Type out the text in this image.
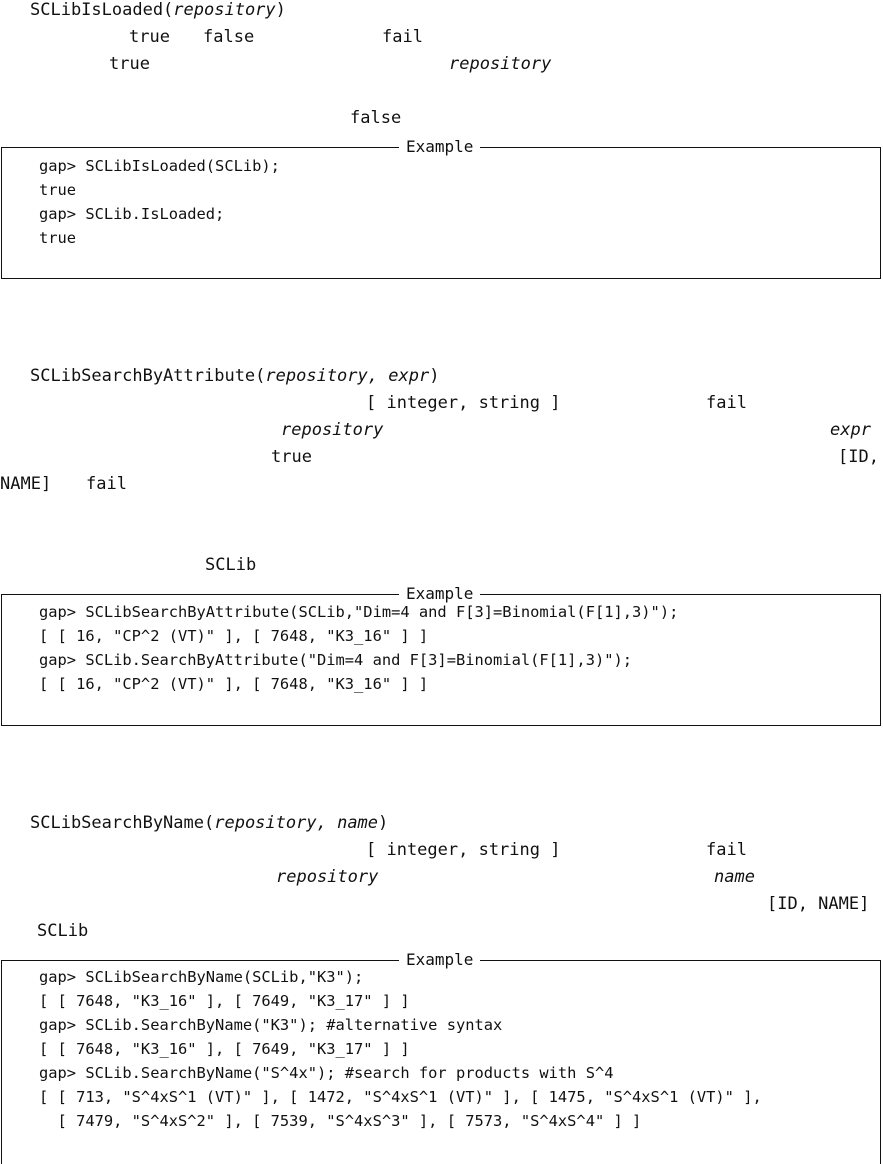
SCLibIsLoaded(repository)
true false	fail
true	repository
false
Example
gap> SCLibIsLoaded(SCLib);
true
gap> SCLib.IsLoaded;
true
SCLibSearchByAttribute(repository, expr)
[ integer, string ]	fail
repository	expr
true	[ID,
NAME] fail
SCLib
Example
gap> SCLibSearchByAttribute(SCLib,"Dim=4 and F[3]=Binomial(F[1],3)");
[ [ 16, "CP^2 (VT)" ], [ 7648, "K3_16" ] ]
gap> SCLib.SearchByAttribute("Dim=4 and F[3]=Binomial(F[1],3)");
[ [ 16, "CP^2 (VT)" ], [ 7648, "K3_16" ] ]
SCLibSearchByName(repository, name)
[ integer, string ]	fail
repository	name
[ID, NAME]
SCLib
Example
gap> SCLibSearchByName(SCLib,"K3");
[ [ 7648, "K3_16" ], [ 7649, "K3_17" ] ]
gap> SCLib.SearchByName("K3"); #alternative syntax
[ [ 7648, "K3_16" ], [ 7649, "K3_17" ] ]
gap> SCLib.SearchByName("S^4x"); #search for products with S^4
[ [ 713, "S^4xS^1 (VT)" ], [ 1472, "S^4xS^1 (VT)" ], [ 1475, "S^4xS^1 (VT)" ],
[ 7479, "S^4xS^2" ], [ 7539, "S^4xS^3" ], [ 7573, "S^4xS^4" ] ]
